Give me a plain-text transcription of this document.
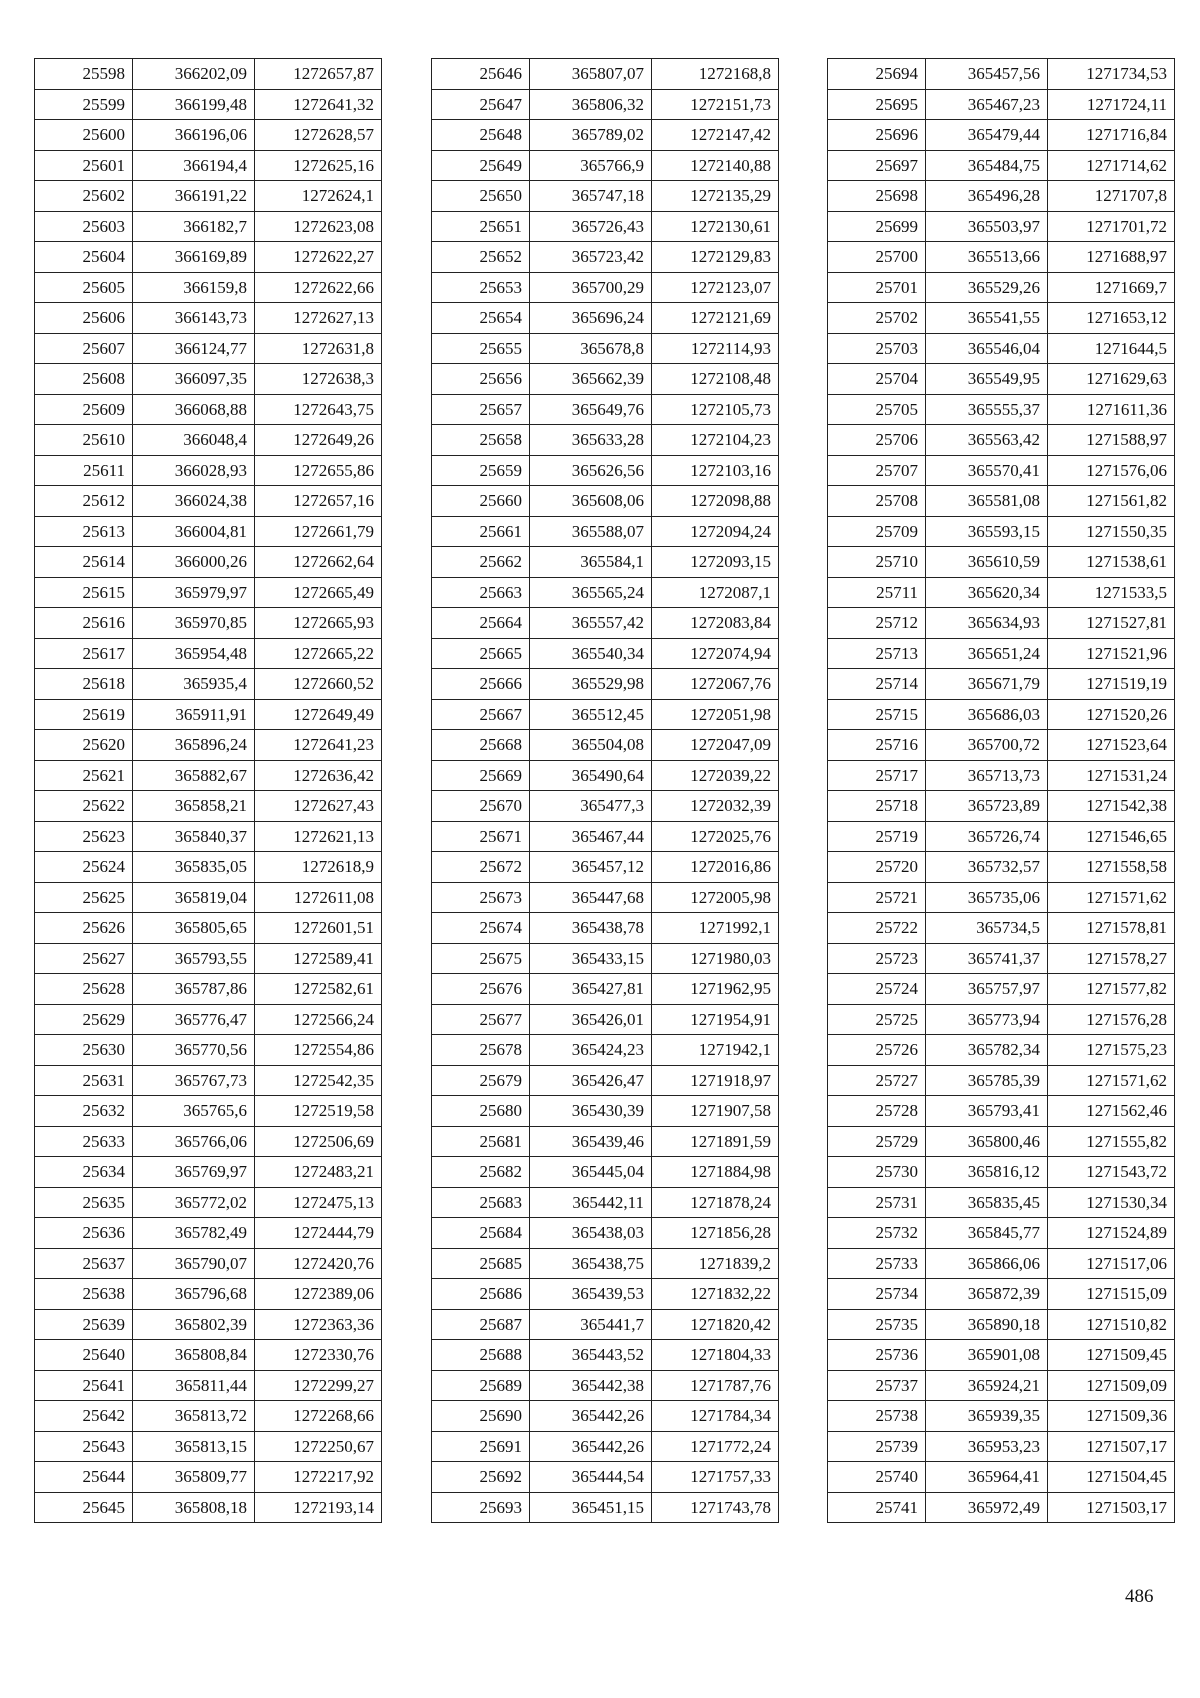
25598	366202,09	1272657,87
25599	366199,48	1272641,32
25600	366196,06	1272628,57
25601	366194,4	1272625,16
25602	366191,22	1272624,1
25603	366182,7	1272623,08
25604	366169,89	1272622,27
25605	366159,8	1272622,66
25606	366143,73	1272627,13
25607	366124,77	1272631,8
25608	366097,35	1272638,3
25609	366068,88	1272643,75
25610	366048,4	1272649,26
25611	366028,93	1272655,86
25612	366024,38	1272657,16
25613	366004,81	1272661,79
25614	366000,26	1272662,64
25615	365979,97	1272665,49
25616	365970,85	1272665,93
25617	365954,48	1272665,22
25618	365935,4	1272660,52
25619	365911,91	1272649,49
25620	365896,24	1272641,23
25621	365882,67	1272636,42
25622	365858,21	1272627,43
25623	365840,37	1272621,13
25624	365835,05	1272618,9
25625	365819,04	1272611,08
25626	365805,65	1272601,51
25627	365793,55	1272589,41
25628	365787,86	1272582,61
25629	365776,47	1272566,24
25630	365770,56	1272554,86
25631	365767,73	1272542,35
25632	365765,6	1272519,58
25633	365766,06	1272506,69
25634	365769,97	1272483,21
25635	365772,02	1272475,13
25636	365782,49	1272444,79
25637	365790,07	1272420,76
25638	365796,68	1272389,06
25639	365802,39	1272363,36
25640	365808,84	1272330,76
25641	365811,44	1272299,27
25642	365813,72	1272268,66
25643	365813,15	1272250,67
25644	365809,77	1272217,92
25645	365808,18	1272193,14
25646	365807,07	1272168,8
25647	365806,32	1272151,73
25648	365789,02	1272147,42
25649	365766,9	1272140,88
25650	365747,18	1272135,29
25651	365726,43	1272130,61
25652	365723,42	1272129,83
25653	365700,29	1272123,07
25654	365696,24	1272121,69
25655	365678,8	1272114,93
25656	365662,39	1272108,48
25657	365649,76	1272105,73
25658	365633,28	1272104,23
25659	365626,56	1272103,16
25660	365608,06	1272098,88
25661	365588,07	1272094,24
25662	365584,1	1272093,15
25663	365565,24	1272087,1
25664	365557,42	1272083,84
25665	365540,34	1272074,94
25666	365529,98	1272067,76
25667	365512,45	1272051,98
25668	365504,08	1272047,09
25669	365490,64	1272039,22
25670	365477,3	1272032,39
25671	365467,44	1272025,76
25672	365457,12	1272016,86
25673	365447,68	1272005,98
25674	365438,78	1271992,1
25675	365433,15	1271980,03
25676	365427,81	1271962,95
25677	365426,01	1271954,91
25678	365424,23	1271942,1
25679	365426,47	1271918,97
25680	365430,39	1271907,58
25681	365439,46	1271891,59
25682	365445,04	1271884,98
25683	365442,11	1271878,24
25684	365438,03	1271856,28
25685	365438,75	1271839,2
25686	365439,53	1271832,22
25687	365441,7	1271820,42
25688	365443,52	1271804,33
25689	365442,38	1271787,76
25690	365442,26	1271784,34
25691	365442,26	1271772,24
25692	365444,54	1271757,33
25693	365451,15	1271743,78
25694	365457,56	1271734,53
25695	365467,23	1271724,11
25696	365479,44	1271716,84
25697	365484,75	1271714,62
25698	365496,28	1271707,8
25699	365503,97	1271701,72
25700	365513,66	1271688,97
25701	365529,26	1271669,7
25702	365541,55	1271653,12
25703	365546,04	1271644,5
25704	365549,95	1271629,63
25705	365555,37	1271611,36
25706	365563,42	1271588,97
25707	365570,41	1271576,06
25708	365581,08	1271561,82
25709	365593,15	1271550,35
25710	365610,59	1271538,61
25711	365620,34	1271533,5
25712	365634,93	1271527,81
25713	365651,24	1271521,96
25714	365671,79	1271519,19
25715	365686,03	1271520,26
25716	365700,72	1271523,64
25717	365713,73	1271531,24
25718	365723,89	1271542,38
25719	365726,74	1271546,65
25720	365732,57	1271558,58
25721	365735,06	1271571,62
25722	365734,5	1271578,81
25723	365741,37	1271578,27
25724	365757,97	1271577,82
25725	365773,94	1271576,28
25726	365782,34	1271575,23
25727	365785,39	1271571,62
25728	365793,41	1271562,46
25729	365800,46	1271555,82
25730	365816,12	1271543,72
25731	365835,45	1271530,34
25732	365845,77	1271524,89
25733	365866,06	1271517,06
25734	365872,39	1271515,09
25735	365890,18	1271510,82
25736	365901,08	1271509,45
25737	365924,21	1271509,09
25738	365939,35	1271509,36
25739	365953,23	1271507,17
25740	365964,41	1271504,45
25741	365972,49	1271503,17
486
